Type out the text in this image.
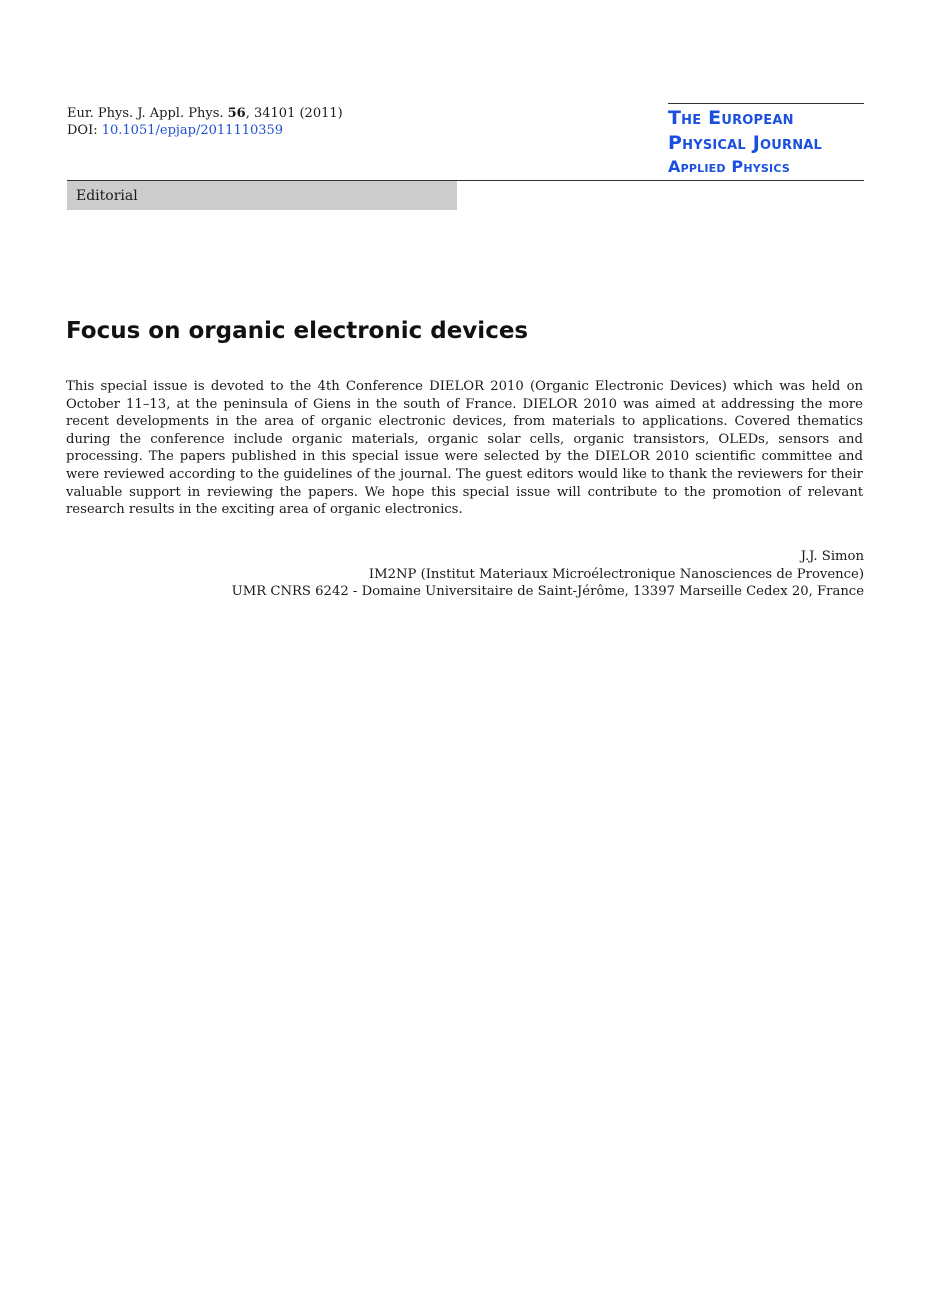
Eur. Phys. J. Appl. Phys. 56, 34101 (2011)
DOI: 10.1051/epjap/2011110359
The European
Physical Journal
Applied Physics
Editorial
Focus on organic electronic devices

This special issue is devoted to the 4th Conference DIELOR 2010 (Organic Electronic Devices) which was held on October 11–13, at the peninsula of Giens in the south of France. DIELOR 2010 was aimed at addressing the more recent developments in the area of organic electronic devices, from materials to applications. Covered thematics during the conference include organic materials, organic solar cells, organic transistors, OLEDs, sensors and processing. The papers published in this special issue were selected by the DIELOR 2010 scientific committee and were reviewed according to the guidelines of the journal. The guest editors would like to thank the reviewers for their valuable support in reviewing the papers. We hope this special issue will contribute to the promotion of relevant research results in the exciting area of organic electronics.

J.J. Simon
IM2NP (Institut Materiaux Microélectronique Nanosciences de Provence)
UMR CNRS 6242 - Domaine Universitaire de Saint-Jérôme, 13397 Marseille Cedex 20, France
